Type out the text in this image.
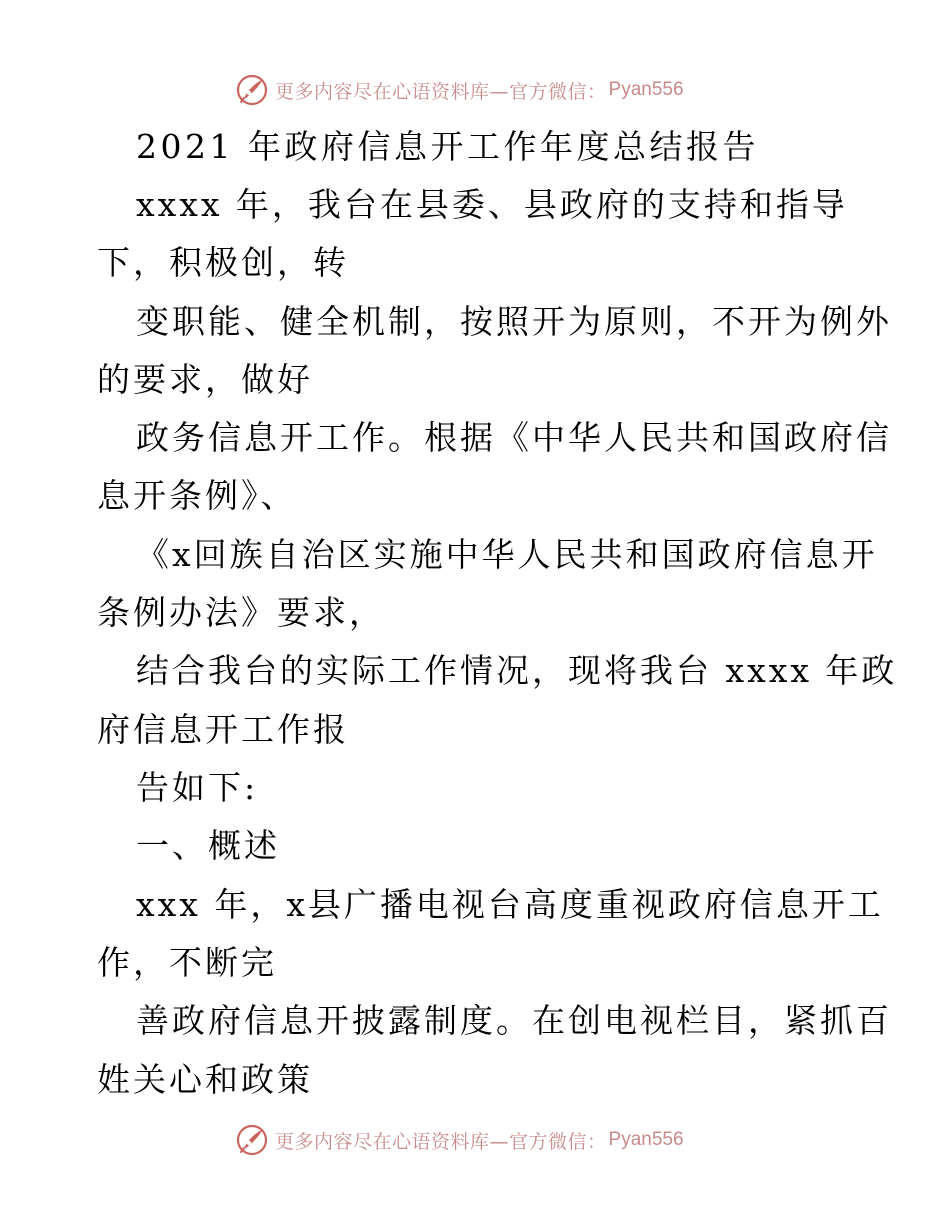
更多内容尽在心语资料库—官方微信： Pyan556
2021 年政府信息开工作年度总结报告
xxxx 年，我台在县委、县政府的支持和指导
下，积极创，转
变职能、健全机制，按照开为原则，不开为例外
的要求，做好
政务信息开工作。根据《中华人民共和国政府信
息开条例》、
《x回族自治区实施中华人民共和国政府信息开
条例办法》要求，
结合我台的实际工作情况，现将我台 xxxx 年政
府信息开工作报
告如下:
一、概述
xxx 年，x县广播电视台高度重视政府信息开工
作，不断完
善政府信息开披露制度。在创电视栏目，紧抓百
姓关心和政策
更多内容尽在心语资料库—官方微信： Pyan556
